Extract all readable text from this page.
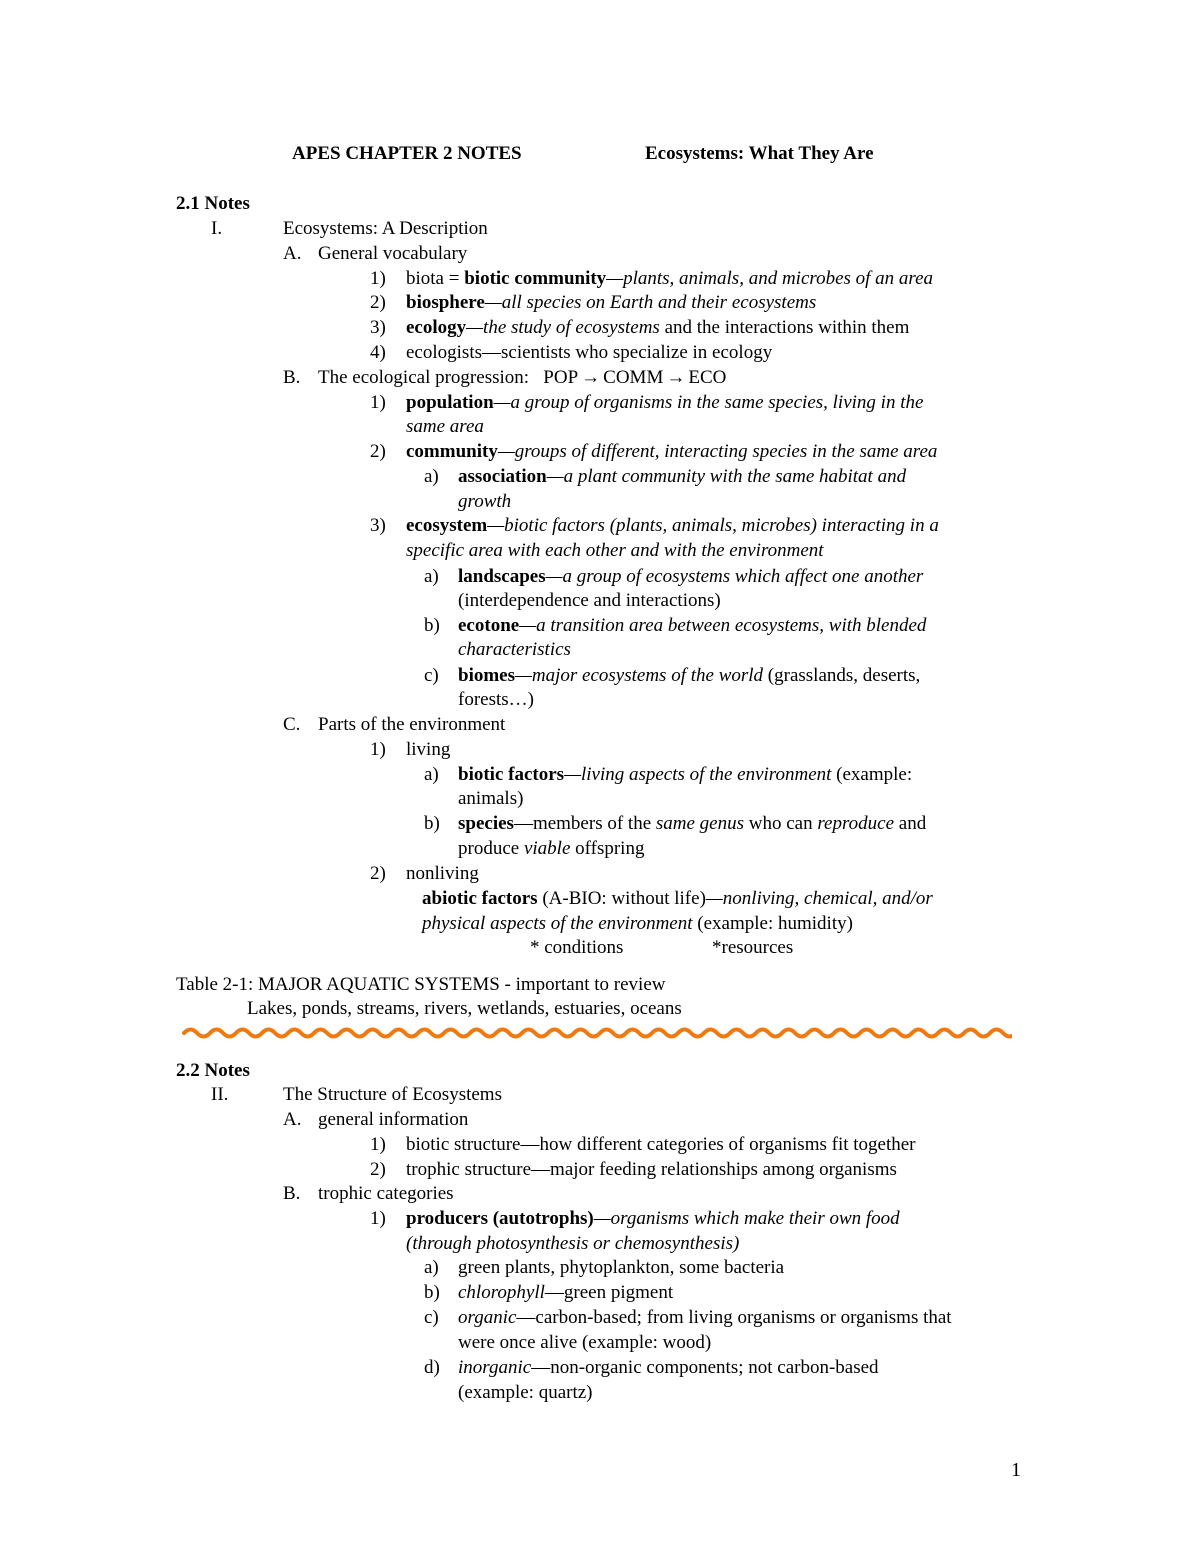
APES CHAPTER 2 NOTES	Ecosystems: What They Are
2.1 Notes
I.	Ecosystems: A Description
A. General vocabulary
1) biota = biotic community—plants, animals, and microbes of an area
2) biosphere—all species on Earth and their ecosystems
3) ecology—the study of ecosystems and the interactions within them
4) ecologists—scientists who specialize in ecology
B. The ecological progression: POP → COMM → ECO
1) population—a group of organisms in the same species, living in the
same area
2) community—groups of different, interacting species in the same area
a) association—a plant community with the same habitat and
growth
3) ecosystem—biotic factors (plants, animals, microbes) interacting in a
specific area with each other and with the environment
a) landscapes—a group of ecosystems which affect one another
(interdependence and interactions)
b) ecotone—a transition area between ecosystems, with blended
characteristics
c) biomes—major ecosystems of the world (grasslands, deserts,
forests…)
C. Parts of the environment
1) living
a) biotic factors—living aspects of the environment (example:
animals)
b) species—members of the same genus who can reproduce and
produce viable offspring
2) nonliving
abiotic factors (A-BIO: without life)—nonliving, chemical, and/or
physical aspects of the environment (example: humidity)
* conditions	*resources
Table 2-1: MAJOR AQUATIC SYSTEMS - important to review
Lakes, ponds, streams, rivers, wetlands, estuaries, oceans
2.2 Notes
II.	The Structure of Ecosystems
A. general information
1) biotic structure—how different categories of organisms fit together
2) trophic structure—major feeding relationships among organisms
B. trophic categories
1) producers (autotrophs)—organisms which make their own food
(through photosynthesis or chemosynthesis)
a) green plants, phytoplankton, some bacteria
b) chlorophyll—green pigment
c) organic—carbon-based; from living organisms or organisms that
were once alive (example: wood)
d) inorganic—non-organic components; not carbon-based
(example: quartz)
1
